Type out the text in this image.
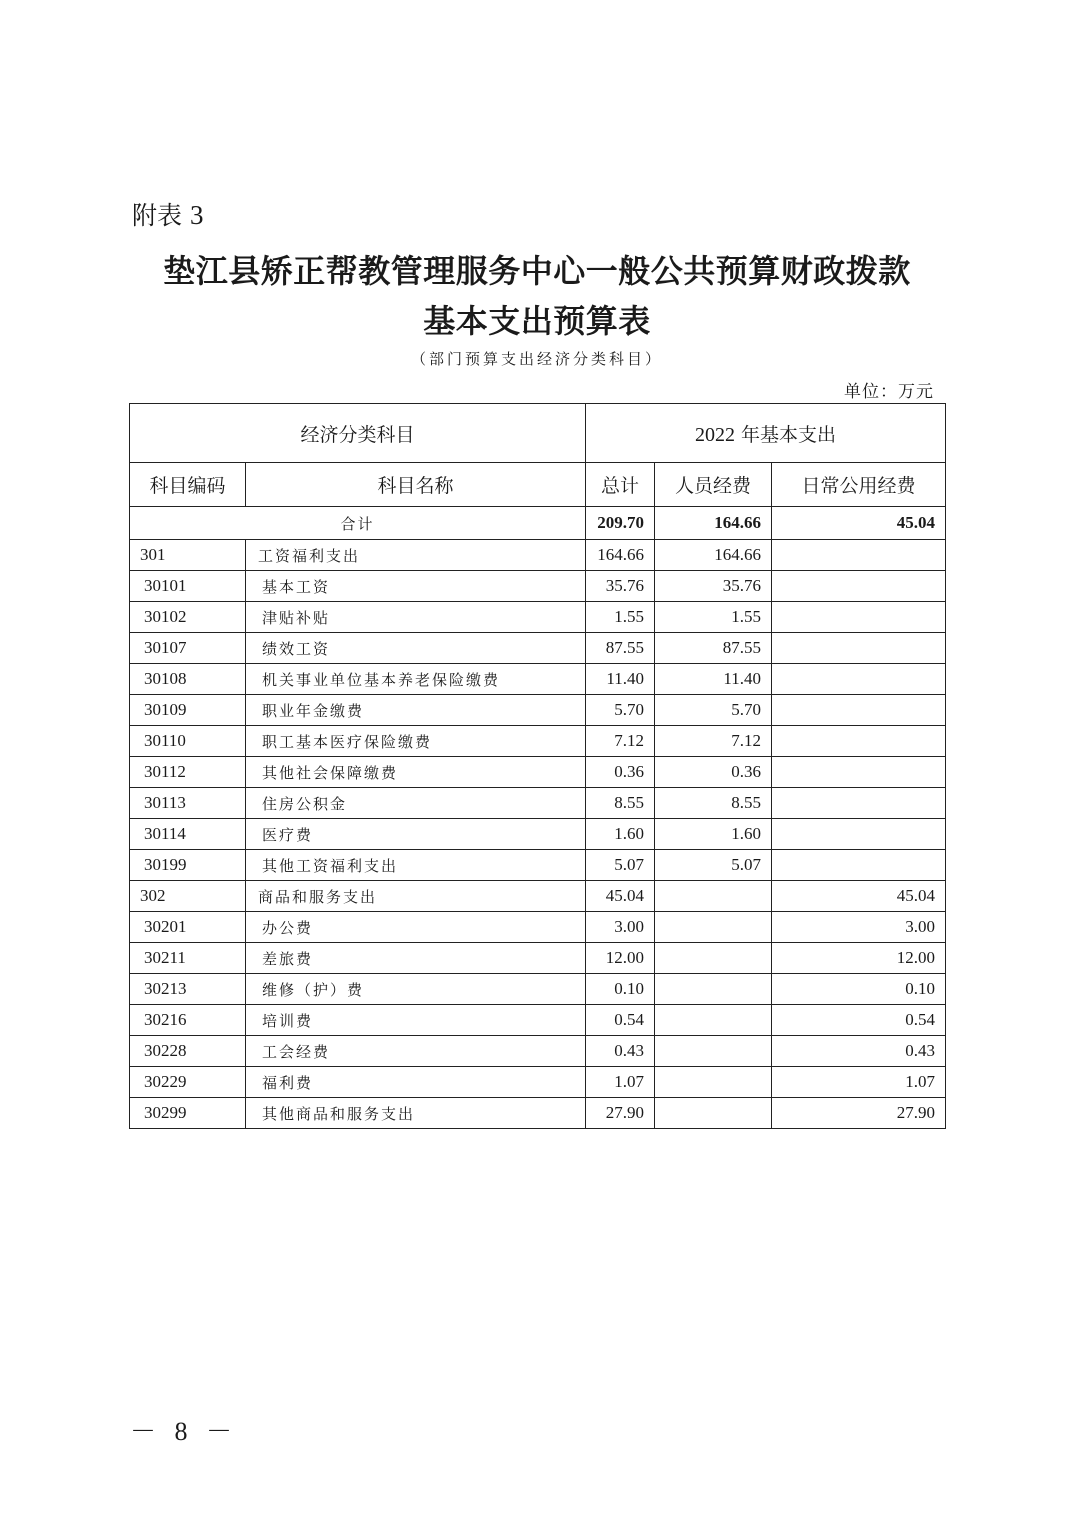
附表 3
垫江县矫正帮教管理服务中心一般公共预算财政拨款
基本支出预算表
（部门预算支出经济分类科目）
单位：万元
经济分类科目		2022 年基本支出		
科目编码	科目名称	总计	人员经费	日常公用经费
合计		209.70	164.66	45.04
301	工资福利支出	164.66	164.66	
30101	基本工资	35.76	35.76	
30102	津贴补贴	1.55	1.55	
30107	绩效工资	87.55	87.55	
30108	机关事业单位基本养老保险缴费	11.40	11.40	
30109	职业年金缴费	5.70	5.70	
30110	职工基本医疗保险缴费	7.12	7.12	
30112	其他社会保障缴费	0.36	0.36	
30113	住房公积金	8.55	8.55	
30114	医疗费	1.60	1.60	
30199	其他工资福利支出	5.07	5.07	
302	商品和服务支出	45.04		45.04
30201	办公费	3.00		3.00
30211	差旅费	12.00		12.00
30213	维修（护）费	0.10		0.10
30216	培训费	0.54		0.54
30228	工会经费	0.43		0.43
30229	福利费	1.07		1.07
30299	其他商品和服务支出	27.90		27.90
－ 8 －
